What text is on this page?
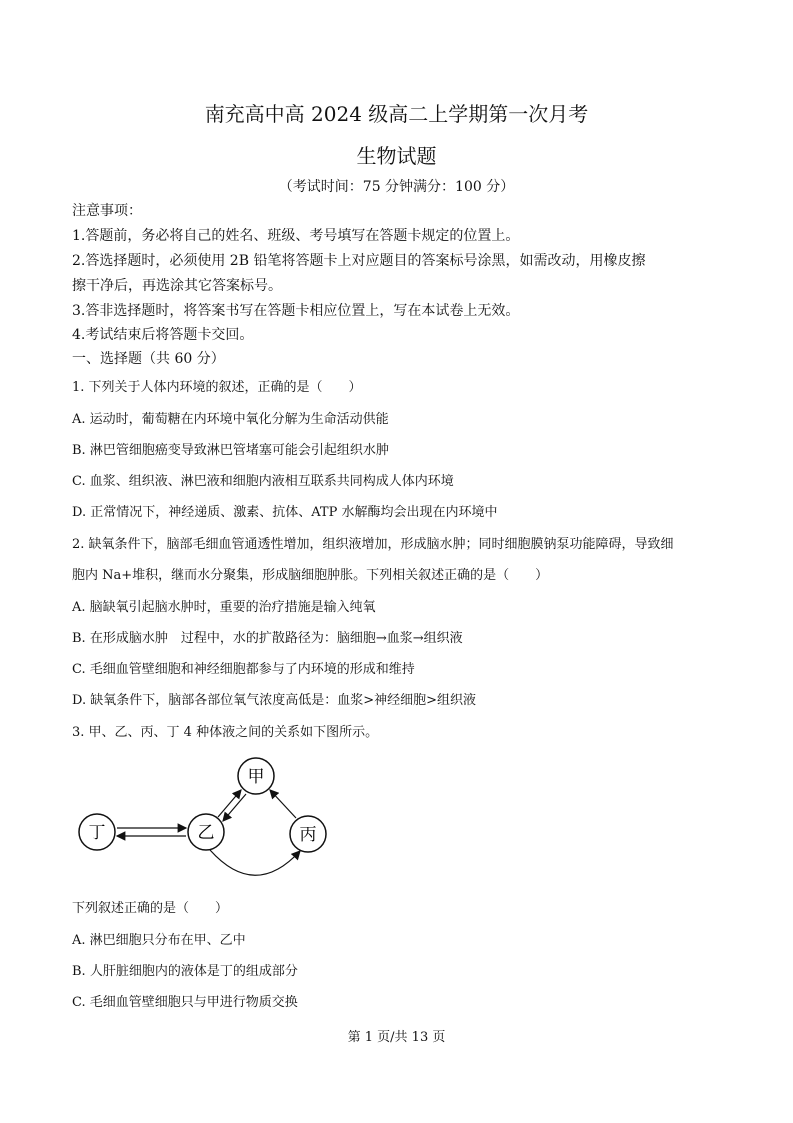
南充高中高 2024 级高二上学期第一次月考
生物试题
（考试时间：75 分钟满分：100 分）
注意事项：
1.答题前，务必将自己的姓名、班级、考号填写在答题卡规定的位置上。
2.答选择题时，必须使用 2B 铅笔将答题卡上对应题目的答案标号涂黑，如需改动，用橡皮擦
擦干净后，再选涂其它答案标号。
3.答非选择题时，将答案书写在答题卡相应位置上，写在本试卷上无效。
4.考试结束后将答题卡交回。
一、选择题（共 60 分）
1. 下列关于人体内环境的叙述，正确的是（　　）
A. 运动时，葡萄糖在内环境中氧化分解为生命活动供能
B. 淋巴管细胞癌变导致淋巴管堵塞可能会引起组织水肿
C. 血浆、组织液、淋巴液和细胞内液相互联系共同构成人体内环境
D. 正常情况下，神经递质、激素、抗体、ATP 水解酶均会出现在内环境中
2. 缺氧条件下，脑部毛细血管通透性增加，组织液增加，形成脑水肿；同时细胞膜钠泵功能障碍，导致细
胞内 Na+堆积，继而水分聚集，形成脑细胞肿胀。下列相关叙述正确的是（　　）
A. 脑缺氧引起脑水肿时，重要的治疗措施是输入纯氧
B. 在形成脑水肿　过程中，水的扩散路径为：脑细胞→血浆→组织液
C. 毛细血管壁细胞和神经细胞都参与了内环境的形成和维持
D. 缺氧条件下，脑部各部位氧气浓度高低是：血浆>神经细胞>组织液
3. 甲、乙、丙、丁 4 种体液之间的关系如下图所示。
甲
乙	丙
丁
下列叙述正确的是（　　）
A. 淋巴细胞只分布在甲、乙中
B. 人肝脏细胞内的液体是丁的组成部分
C. 毛细血管壁细胞只与甲进行物质交换
第 1 页/共 13 页
